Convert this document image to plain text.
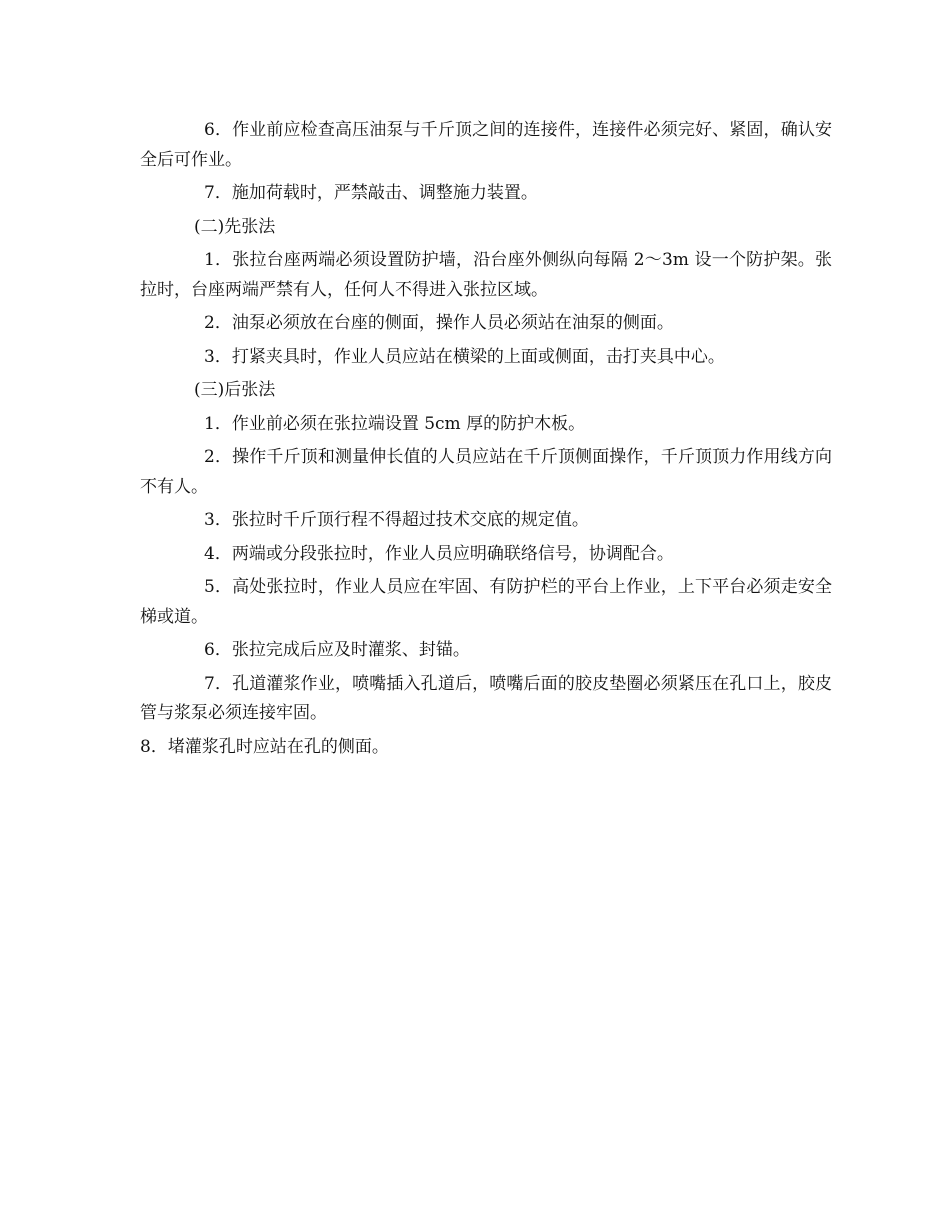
6．作业前应检查高压油泵与千斤顶之间的连接件，连接件必须完好、紧固，确认安全后可作业。

7．施加荷载时，严禁敲击、调整施力装置。

(二)先张法

1．张拉台座两端必须设置防护墙，沿台座外侧纵向每隔 2～3m 设一个防护架。张拉时，台座两端严禁有人，任何人不得进入张拉区域。

2．油泵必须放在台座的侧面，操作人员必须站在油泵的侧面。

3．打紧夹具时，作业人员应站在横梁的上面或侧面，击打夹具中心。

(三)后张法

1．作业前必须在张拉端设置 5cm 厚的防护木板。

2．操作千斤顶和测量伸长值的人员应站在千斤顶侧面操作，千斤顶顶力作用线方向不有人。

3．张拉时千斤顶行程不得超过技术交底的规定值。

4．两端或分段张拉时，作业人员应明确联络信号，协调配合。

5．高处张拉时，作业人员应在牢固、有防护栏的平台上作业，上下平台必须走安全梯或道。

6．张拉完成后应及时灌浆、封锚。

7．孔道灌浆作业，喷嘴插入孔道后，喷嘴后面的胶皮垫圈必须紧压在孔口上，胶皮管与浆泵必须连接牢固。

8．堵灌浆孔时应站在孔的侧面。
